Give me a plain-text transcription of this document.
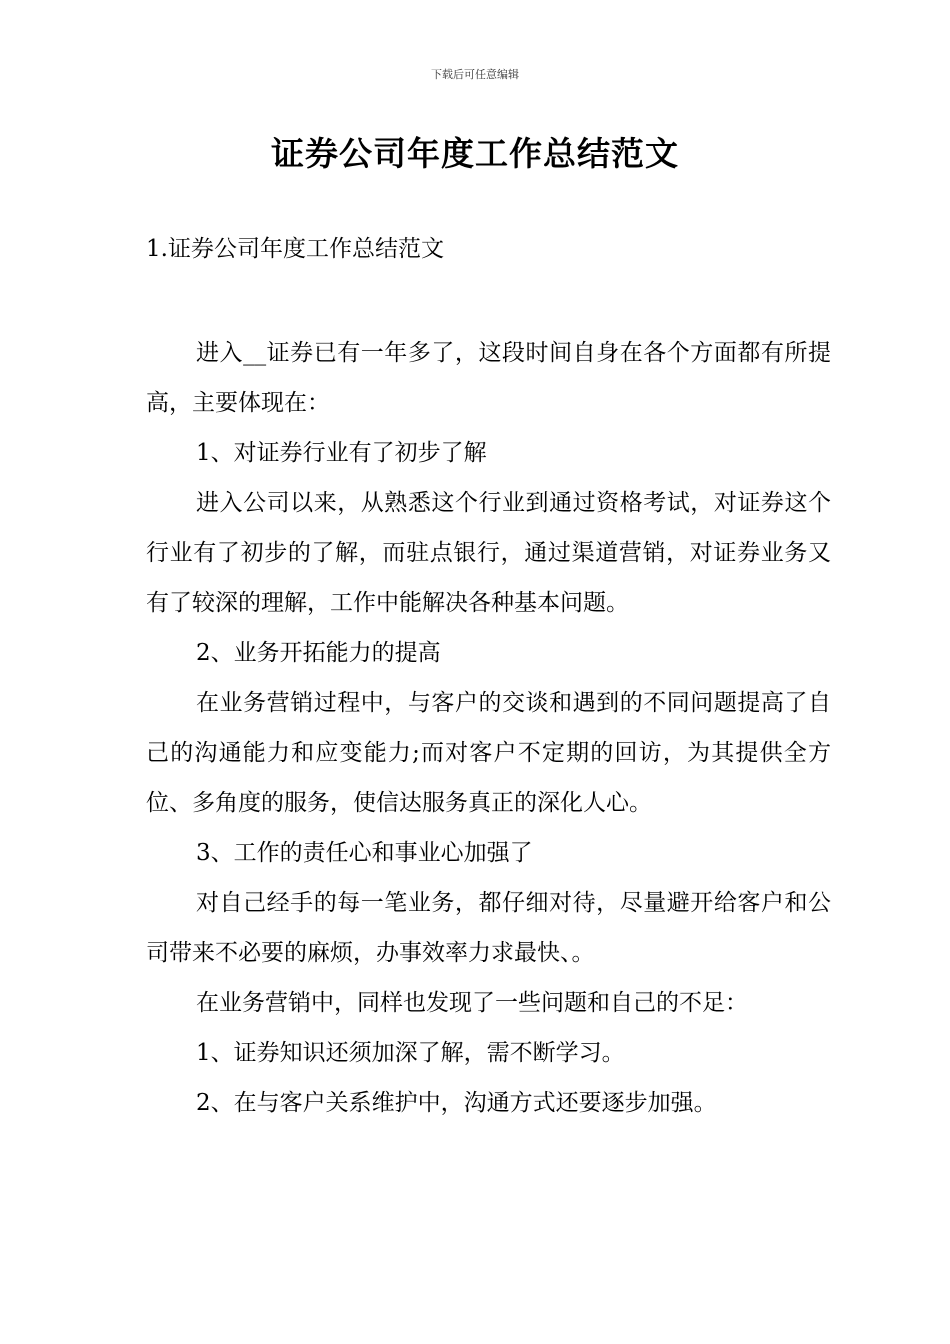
下载后可任意编辑
证券公司年度工作总结范文
1.证券公司年度工作总结范文

进入__证券已有一年多了，这段时间自身在各个方面都有所提高，主要体现在：

1、对证券行业有了初步了解

进入公司以来，从熟悉这个行业到通过资格考试，对证券这个行业有了初步的了解，而驻点银行，通过渠道营销，对证券业务又有了较深的理解，工作中能解决各种基本问题。

2、业务开拓能力的提高

在业务营销过程中，与客户的交谈和遇到的不同问题提高了自己的沟通能力和应变能力;而对客户不定期的回访，为其提供全方位、多角度的服务，使信达服务真正的深化人心。

3、工作的责任心和事业心加强了

对自己经手的每一笔业务，都仔细对待，尽量避开给客户和公司带来不必要的麻烦，办事效率力求最快、。

在业务营销中，同样也发现了一些问题和自己的不足：

1、证券知识还须加深了解，需不断学习。

2、在与客户关系维护中，沟通方式还要逐步加强。
